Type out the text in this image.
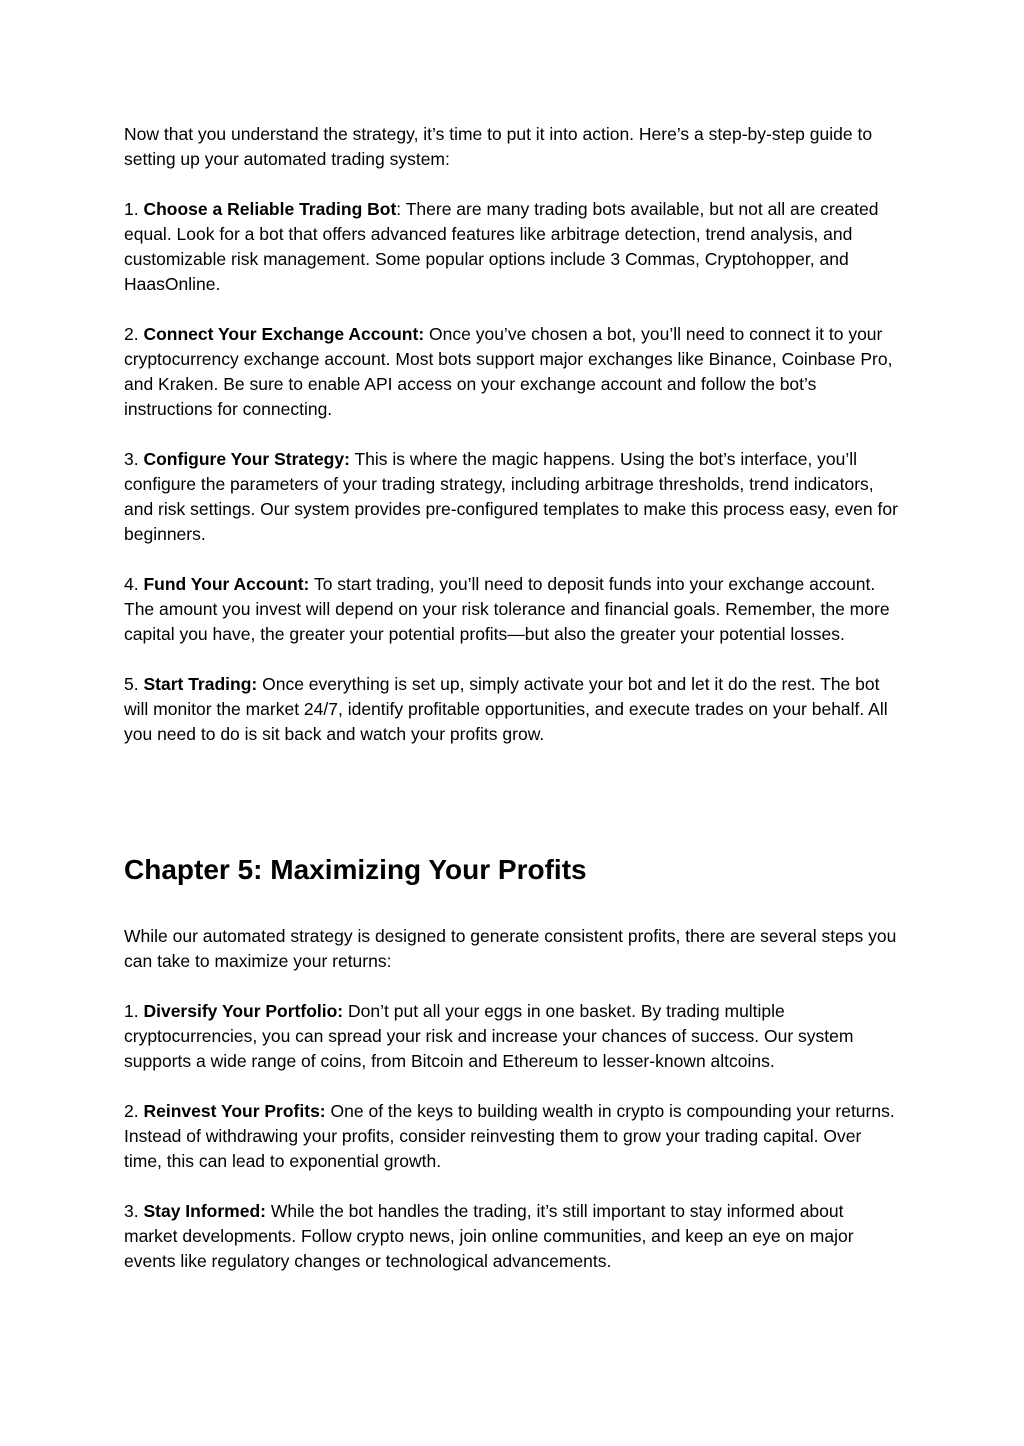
Now that you understand the strategy, it’s time to put it into action. Here’s a step-by-step guide to setting up your automated trading system:

1. Choose a Reliable Trading Bot: There are many trading bots available, but not all are created equal. Look for a bot that offers advanced features like arbitrage detection, trend analysis, and customizable risk management. Some popular options include 3 Commas, Cryptohopper, and HaasOnline.

2. Connect Your Exchange Account: Once you’ve chosen a bot, you’ll need to connect it to your cryptocurrency exchange account. Most bots support major exchanges like Binance, Coinbase Pro, and Kraken. Be sure to enable API access on your exchange account and follow the bot’s instructions for connecting.

3. Configure Your Strategy: This is where the magic happens. Using the bot’s interface, you’ll configure the parameters of your trading strategy, including arbitrage thresholds, trend indicators, and risk settings. Our system provides pre-configured templates to make this process easy, even for beginners.

4. Fund Your Account: To start trading, you’ll need to deposit funds into your exchange account. The amount you invest will depend on your risk tolerance and financial goals. Remember, the more capital you have, the greater your potential profits—but also the greater your potential losses.

5. Start Trading: Once everything is set up, simply activate your bot and let it do the rest. The bot will monitor the market 24/7, identify profitable opportunities, and execute trades on your behalf. All you need to do is sit back and watch your profits grow.

Chapter 5: Maximizing Your Profits

While our automated strategy is designed to generate consistent profits, there are several steps you can take to maximize your returns:

1. Diversify Your Portfolio: Don’t put all your eggs in one basket. By trading multiple cryptocurrencies, you can spread your risk and increase your chances of success. Our system supports a wide range of coins, from Bitcoin and Ethereum to lesser-known altcoins.

2. Reinvest Your Profits: One of the keys to building wealth in crypto is compounding your returns. Instead of withdrawing your profits, consider reinvesting them to grow your trading capital. Over time, this can lead to exponential growth.

3. Stay Informed: While the bot handles the trading, it’s still important to stay informed about market developments. Follow crypto news, join online communities, and keep an eye on major events like regulatory changes or technological advancements.
